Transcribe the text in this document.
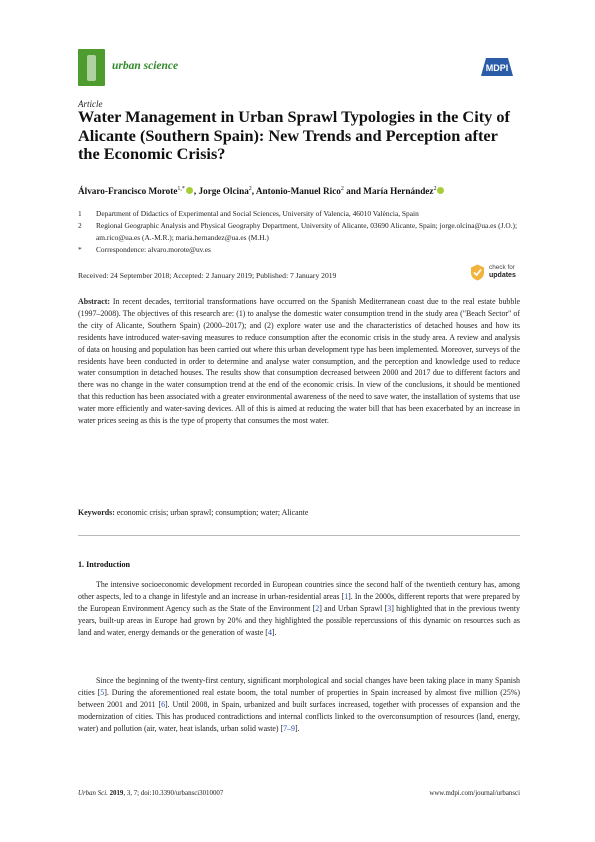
urban science	MDPI
Article
Water Management in Urban Sprawl Typologies in the City of Alicante (Southern Spain): New Trends and Perception after the Economic Crisis?
Álvaro-Francisco Morote$^{1,*}$ , Jorge Olcina$^2$, Antonio-Manuel Rico$^2$ and María Hernández$^2$
1	Department of Didactics of Experimental and Social Sciences, University of Valencia, 46010 València, Spain
2	Regional Geographic Analysis and Physical Geography Department, University of Alicante, 03690 Alicante, Spain; jorge.olcina@ua.es (J.O.); am.rico@ua.es (A.-M.R.); maria.hernandez@ua.es (M.H.)
*	Correspondence: alvaro.morote@uv.es
Received: 24 September 2018; Accepted: 2 January 2019; Published: 7 January 2019
check for
updates
Abstract: In recent decades, territorial transformations have occurred on the Spanish Mediterranean coast due to the real estate bubble (1997–2008). The objectives of this research are: (1) to analyse the domestic water consumption trend in the study area ("Beach Sector" of the city of Alicante, Southern Spain) (2000–2017); and (2) explore water use and the characteristics of detached houses and how its residents have introduced water-saving measures to reduce consumption after the economic crisis in the study area. A review and analysis of data on housing and population has been carried out where this urban development type has been implemented. Moreover, surveys of the residents have been conducted in order to determine and analyse water consumption, and the perception and knowledge used to reduce water consumption in detached houses. The results show that consumption decreased between 2000 and 2017 due to different factors and there was no change in the water consumption trend at the end of the economic crisis. In view of the conclusions, it should be mentioned that this reduction has been associated with a greater environmental awareness of the need to save water, the installation of systems that use water more efficiently and water-saving devices. All of this is aimed at reducing the water bill that has been exacerbated by an increase in water prices seeing as this is the type of property that consumes the most water.
Keywords: economic crisis; urban sprawl; consumption; water; Alicante
1. Introduction
The intensive socioeconomic development recorded in European countries since the second half of the twentieth century has, among other aspects, led to a change in lifestyle and an increase in urban-residential areas [1]. In the 2000s, different reports that were prepared by the European Environment Agency such as the State of the Environment [2] and Urban Sprawl [3] highlighted that in the previous twenty years, built-up areas in Europe had grown by 20% and they highlighted the possible repercussions of this dynamic on resources such as land and water, energy demands or the generation of waste [4].
Since the beginning of the twenty-first century, significant morphological and social changes have been taking place in many Spanish cities [5]. During the aforementioned real estate boom, the total number of properties in Spain increased by almost five million (25%) between 2001 and 2011 [6]. Until 2008, in Spain, urbanized and built surfaces increased, together with processes of expansion and the modernization of cities. This has produced contradictions and internal conflicts linked to the overconsumption of resources (land, energy, water) and pollution (air, water, heat islands, urban solid waste) [7–9].
Urban Sci. 2019, 3, 7; doi:10.3390/urbansci3010007	www.mdpi.com/journal/urbansci
